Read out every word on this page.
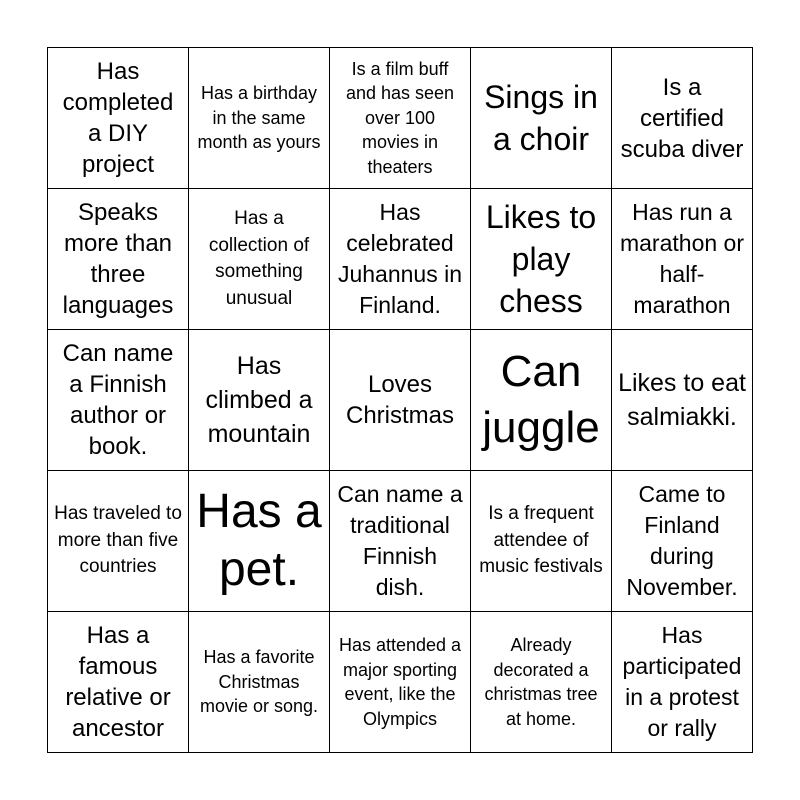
Has completed a DIY project
Has a birthday in the same month as yours
Is a film buff and has seen over 100 movies in theaters
Sings in a choir
Is a certified scuba diver
Speaks more than three languages
Has a collection of something unusual
Has celebrated Juhannus in Finland.
Likes to play chess
Has run a marathon or half-marathon
Can name a Finnish author or book.
Has climbed a mountain
Loves Christmas
Can juggle
Likes to eat salmiakki.
Has traveled to more than five countries
Has a pet.
Can name a traditional Finnish dish.
Is a frequent attendee of music festivals
Came to Finland during November.
Has a famous relative or ancestor
Has a favorite Christmas movie or song.
Has attended a major sporting event, like the Olympics
Already decorated a christmas tree at home.
Has participated in a protest or rally
